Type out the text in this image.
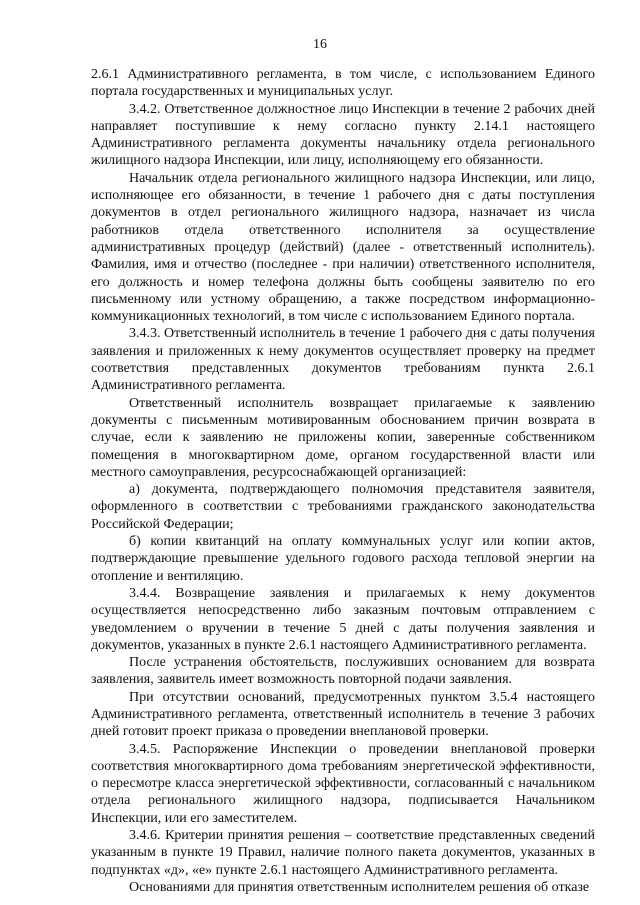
16

2.6.1 Административного регламента, в том числе, с использованием Единого портала государственных и муниципальных услуг.

3.4.2. Ответственное должностное лицо Инспекции в течение 2 рабочих дней направляет поступившие к нему согласно пункту 2.14.1 настоящего Административного регламента документы начальнику отдела регионального жилищного надзора Инспекции, или лицу, исполняющему его обязанности.

Начальник отдела регионального жилищного надзора Инспекции, или лицо, исполняющее его обязанности, в течение 1 рабочего дня с даты поступления документов в отдел регионального жилищного надзора, назначает из числа работников отдела ответственного исполнителя за осуществление административных процедур (действий) (далее - ответственный исполнитель). Фамилия, имя и отчество (последнее - при наличии) ответственного исполнителя, его должность и номер телефона должны быть сообщены заявителю по его письменному или устному обращению, а также посредством информационно-коммуникационных технологий, в том числе с использованием Единого портала.

3.4.3. Ответственный исполнитель в течение 1 рабочего дня с даты получения заявления и приложенных к нему документов осуществляет проверку на предмет соответствия представленных документов требованиям пункта 2.6.1 Административного регламента.

Ответственный исполнитель возвращает прилагаемые к заявлению документы с письменным мотивированным обоснованием причин возврата в случае, если к заявлению не приложены копии, заверенные собственником помещения в многоквартирном доме, органом государственной власти или местного самоуправления, ресурсоснабжающей организацией:

а) документа, подтверждающего полномочия представителя заявителя, оформленного в соответствии с требованиями гражданского законодательства Российской Федерации;

б) копии квитанций на оплату коммунальных услуг или копии актов, подтверждающие превышение удельного годового расхода тепловой энергии на отопление и вентиляцию.

3.4.4. Возвращение заявления и прилагаемых к нему документов осуществляется непосредственно либо заказным почтовым отправлением с уведомлением о вручении в течение 5 дней с даты получения заявления и документов, указанных в пункте 2.6.1 настоящего Административного регламента.

После устранения обстоятельств, послуживших основанием для возврата заявления, заявитель имеет возможность повторной подачи заявления.

При отсутствии оснований, предусмотренных пунктом 3.5.4 настоящего Административного регламента, ответственный исполнитель в течение 3 рабочих дней готовит проект приказа о проведении внеплановой проверки.

3.4.5. Распоряжение Инспекции о проведении внеплановой проверки соответствия многоквартирного дома требованиям энергетической эффективности, о пересмотре класса энергетической эффективности, согласованный с начальником отдела регионального жилищного надзора, подписывается Начальником Инспекции, или его заместителем.

3.4.6. Критерии принятия решения – соответствие представленных сведений указанным в пункте 19 Правил, наличие полного пакета документов, указанных в подпунктах «д», «е» пункте 2.6.1 настоящего Административного регламента.

Основаниями для принятия ответственным исполнителем решения об отказе
